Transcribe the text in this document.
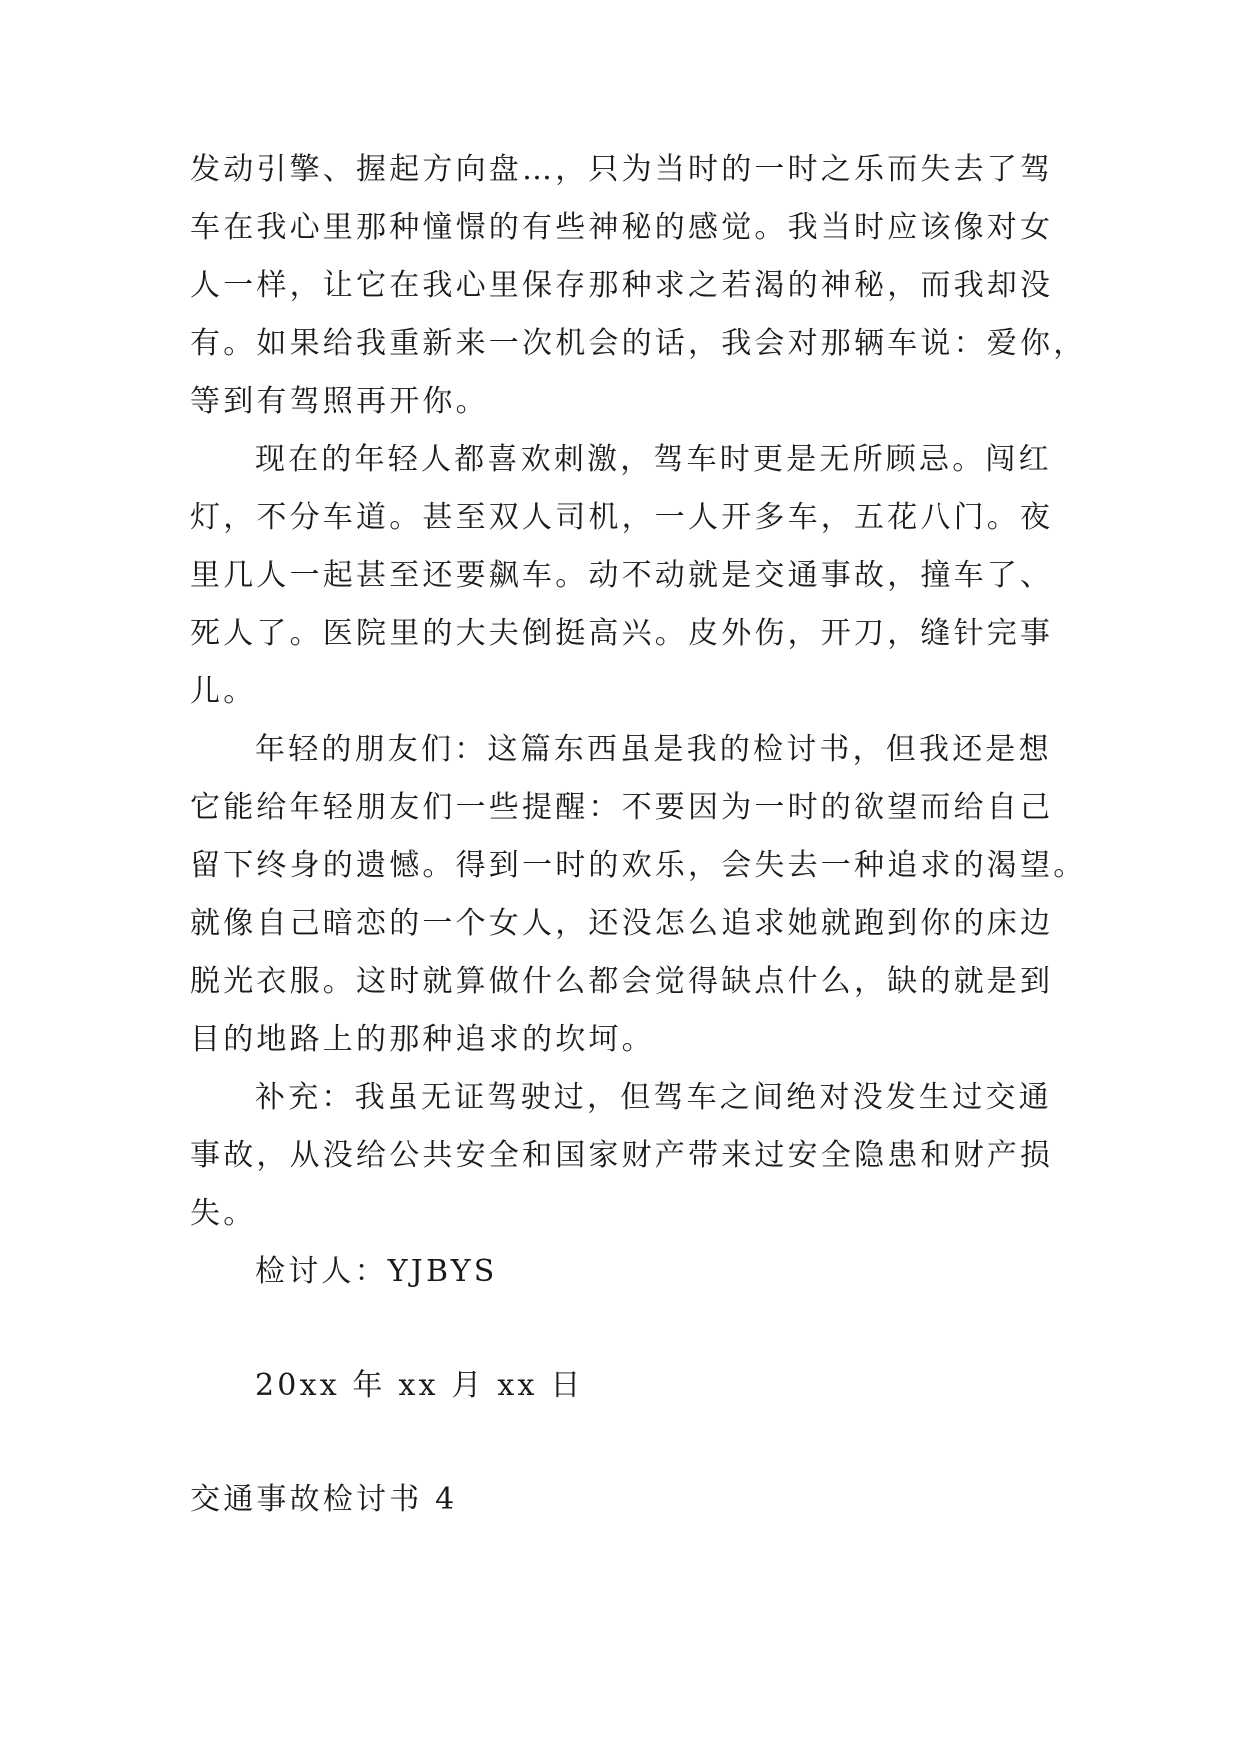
发动引擎、握起方向盘…，只为当时的一时之乐而失去了驾
车在我心里那种憧憬的有些神秘的感觉。我当时应该像对女
人一样，让它在我心里保存那种求之若渴的神秘，而我却没
有。如果给我重新来一次机会的话，我会对那辆车说：爱你，
等到有驾照再开你。
现在的年轻人都喜欢刺激，驾车时更是无所顾忌。闯红
灯，不分车道。甚至双人司机，一人开多车，五花八门。夜
里几人一起甚至还要飙车。动不动就是交通事故，撞车了、
死人了。医院里的大夫倒挺高兴。皮外伤，开刀，缝针完事
儿。
年轻的朋友们：这篇东西虽是我的检讨书，但我还是想
它能给年轻朋友们一些提醒：不要因为一时的欲望而给自己
留下终身的遗憾。得到一时的欢乐，会失去一种追求的渴望。
就像自己暗恋的一个女人，还没怎么追求她就跑到你的床边
脱光衣服。这时就算做什么都会觉得缺点什么，缺的就是到
目的地路上的那种追求的坎坷。
补充：我虽无证驾驶过，但驾车之间绝对没发生过交通
事故，从没给公共安全和国家财产带来过安全隐患和财产损
失。
检讨人：YJBYS
20xx 年 xx 月 xx 日
交通事故检讨书 4
